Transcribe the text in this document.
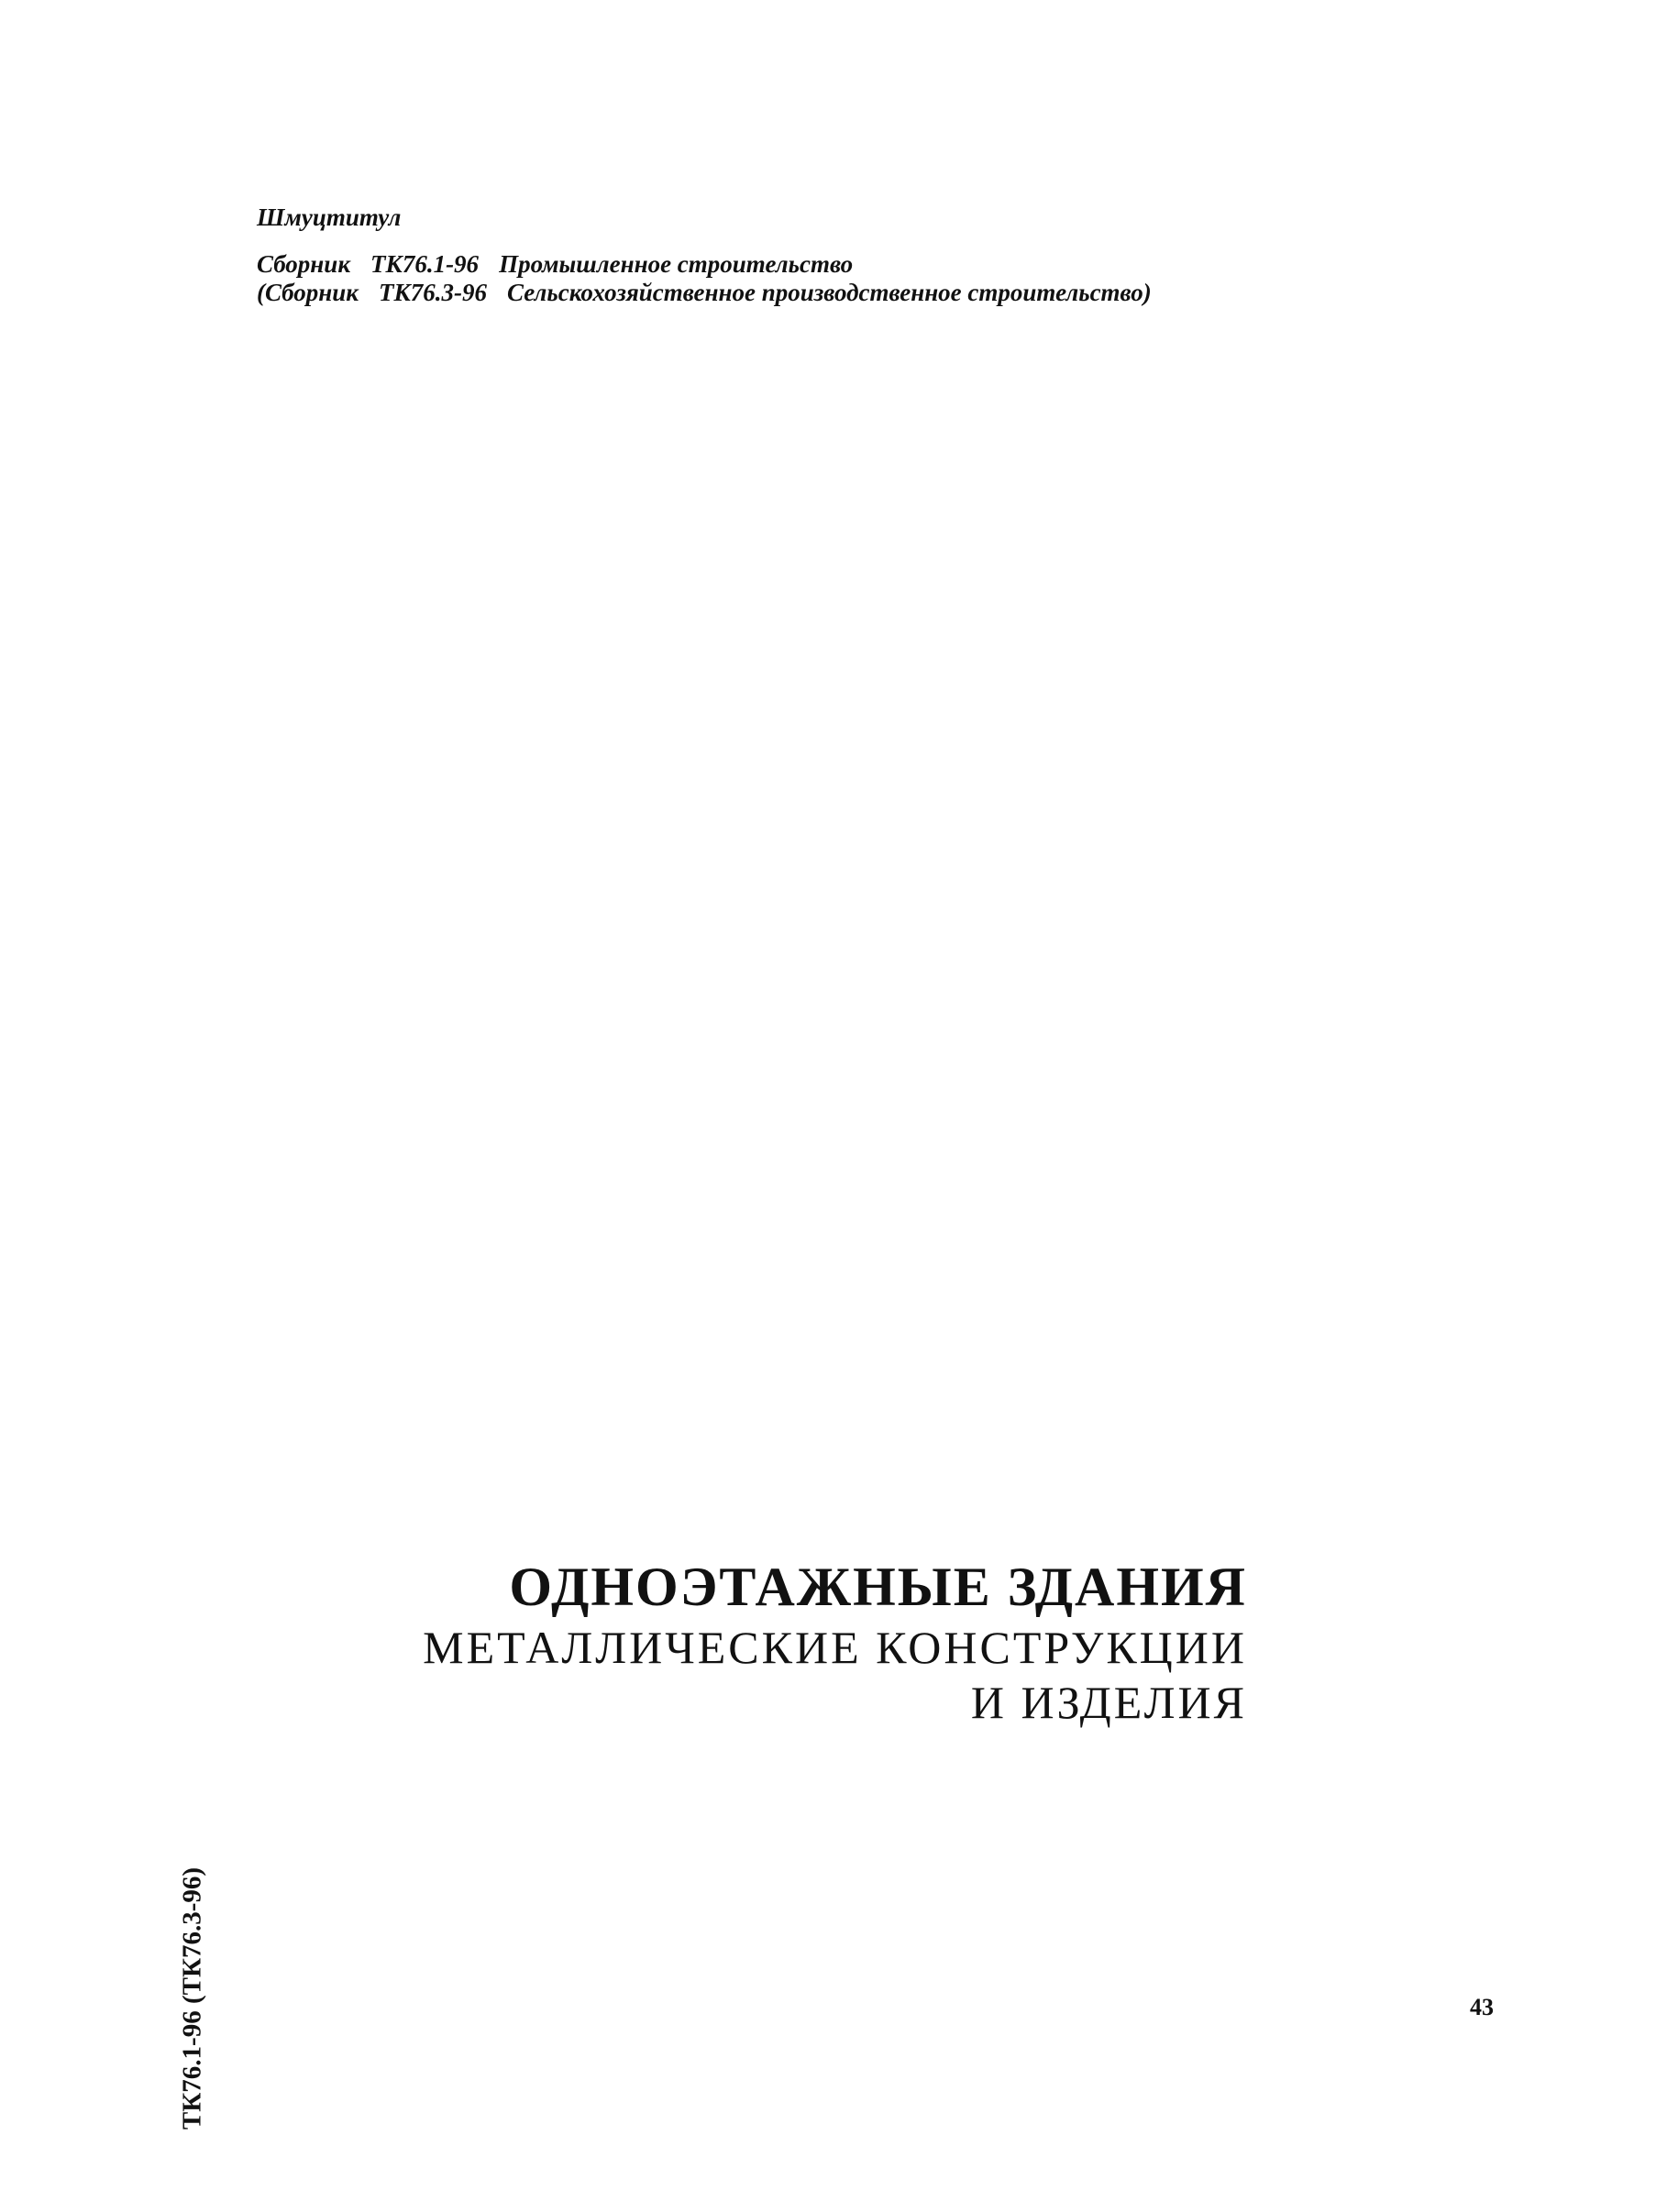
Шмуцтитул
Сборник ТК76.1-96 Промышленное строительство
(Сборник ТК76.3-96 Сельскохозяйственное производственное строительство)
ОДНОЭТАЖНЫЕ ЗДАНИЯ
МЕТАЛЛИЧЕСКИЕ КОНСТРУКЦИИ
И ИЗДЕЛИЯ
ТК76.1-96 (ТК76.3-96)	43
